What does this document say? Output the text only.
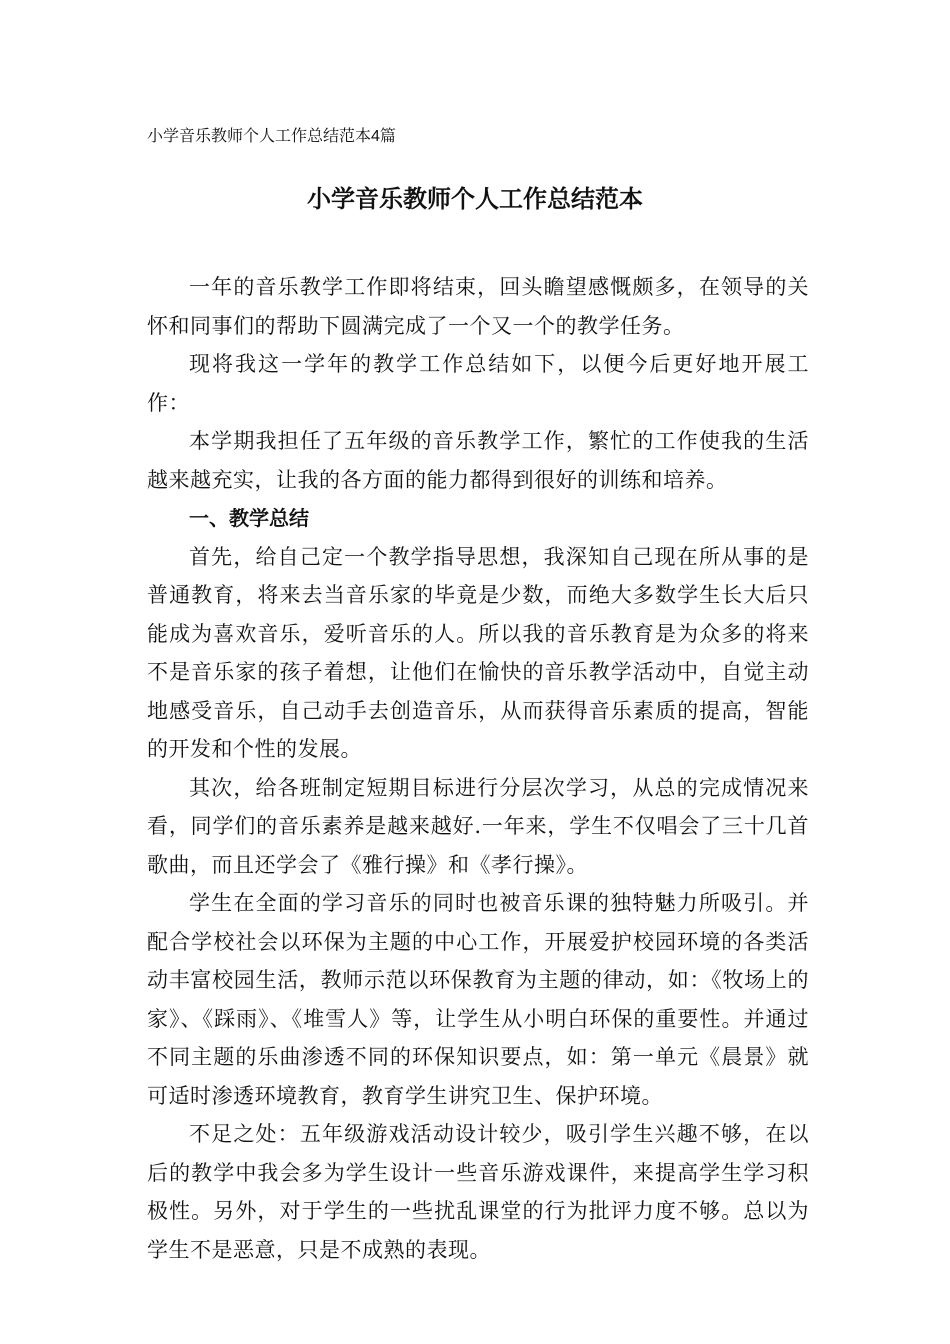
小学音乐教师个人工作总结范本4篇
小学音乐教师个人工作总结范本

一年的音乐教学工作即将结束，回头瞻望感慨颇多，在领导的关怀和同事们的帮助下圆满完成了一个又一个的教学任务。

现将我这一学年的教学工作总结如下，以便今后更好地开展工作：

本学期我担任了五年级的音乐教学工作，繁忙的工作使我的生活越来越充实，让我的各方面的能力都得到很好的训练和培养。

一、教学总结

首先，给自己定一个教学指导思想，我深知自己现在所从事的是普通教育，将来去当音乐家的毕竟是少数，而绝大多数学生长大后只能成为喜欢音乐，爱听音乐的人。所以我的音乐教育是为众多的将来不是音乐家的孩子着想，让他们在愉快的音乐教学活动中，自觉主动地感受音乐，自己动手去创造音乐，从而获得音乐素质的提高，智能的开发和个性的发展。

其次，给各班制定短期目标进行分层次学习，从总的完成情况来看，同学们的音乐素养是越来越好.一年来，学生不仅唱会了三十几首歌曲，而且还学会了《雅行操》和《孝行操》。

学生在全面的学习音乐的同时也被音乐课的独特魅力所吸引。并配合学校社会以环保为主题的中心工作，开展爱护校园环境的各类活动丰富校园生活，教师示范以环保教育为主题的律动，如：《牧场上的家》、《踩雨》、《堆雪人》等，让学生从小明白环保的重要性。并通过不同主题的乐曲渗透不同的环保知识要点，如：第一单元《晨景》就可适时渗透环境教育，教育学生讲究卫生、保护环境。

不足之处：五年级游戏活动设计较少，吸引学生兴趣不够，在以后的教学中我会多为学生设计一些音乐游戏课件，来提高学生学习积极性。另外，对于学生的一些扰乱课堂的行为批评力度不够。总以为学生不是恶意，只是不成熟的表现。
